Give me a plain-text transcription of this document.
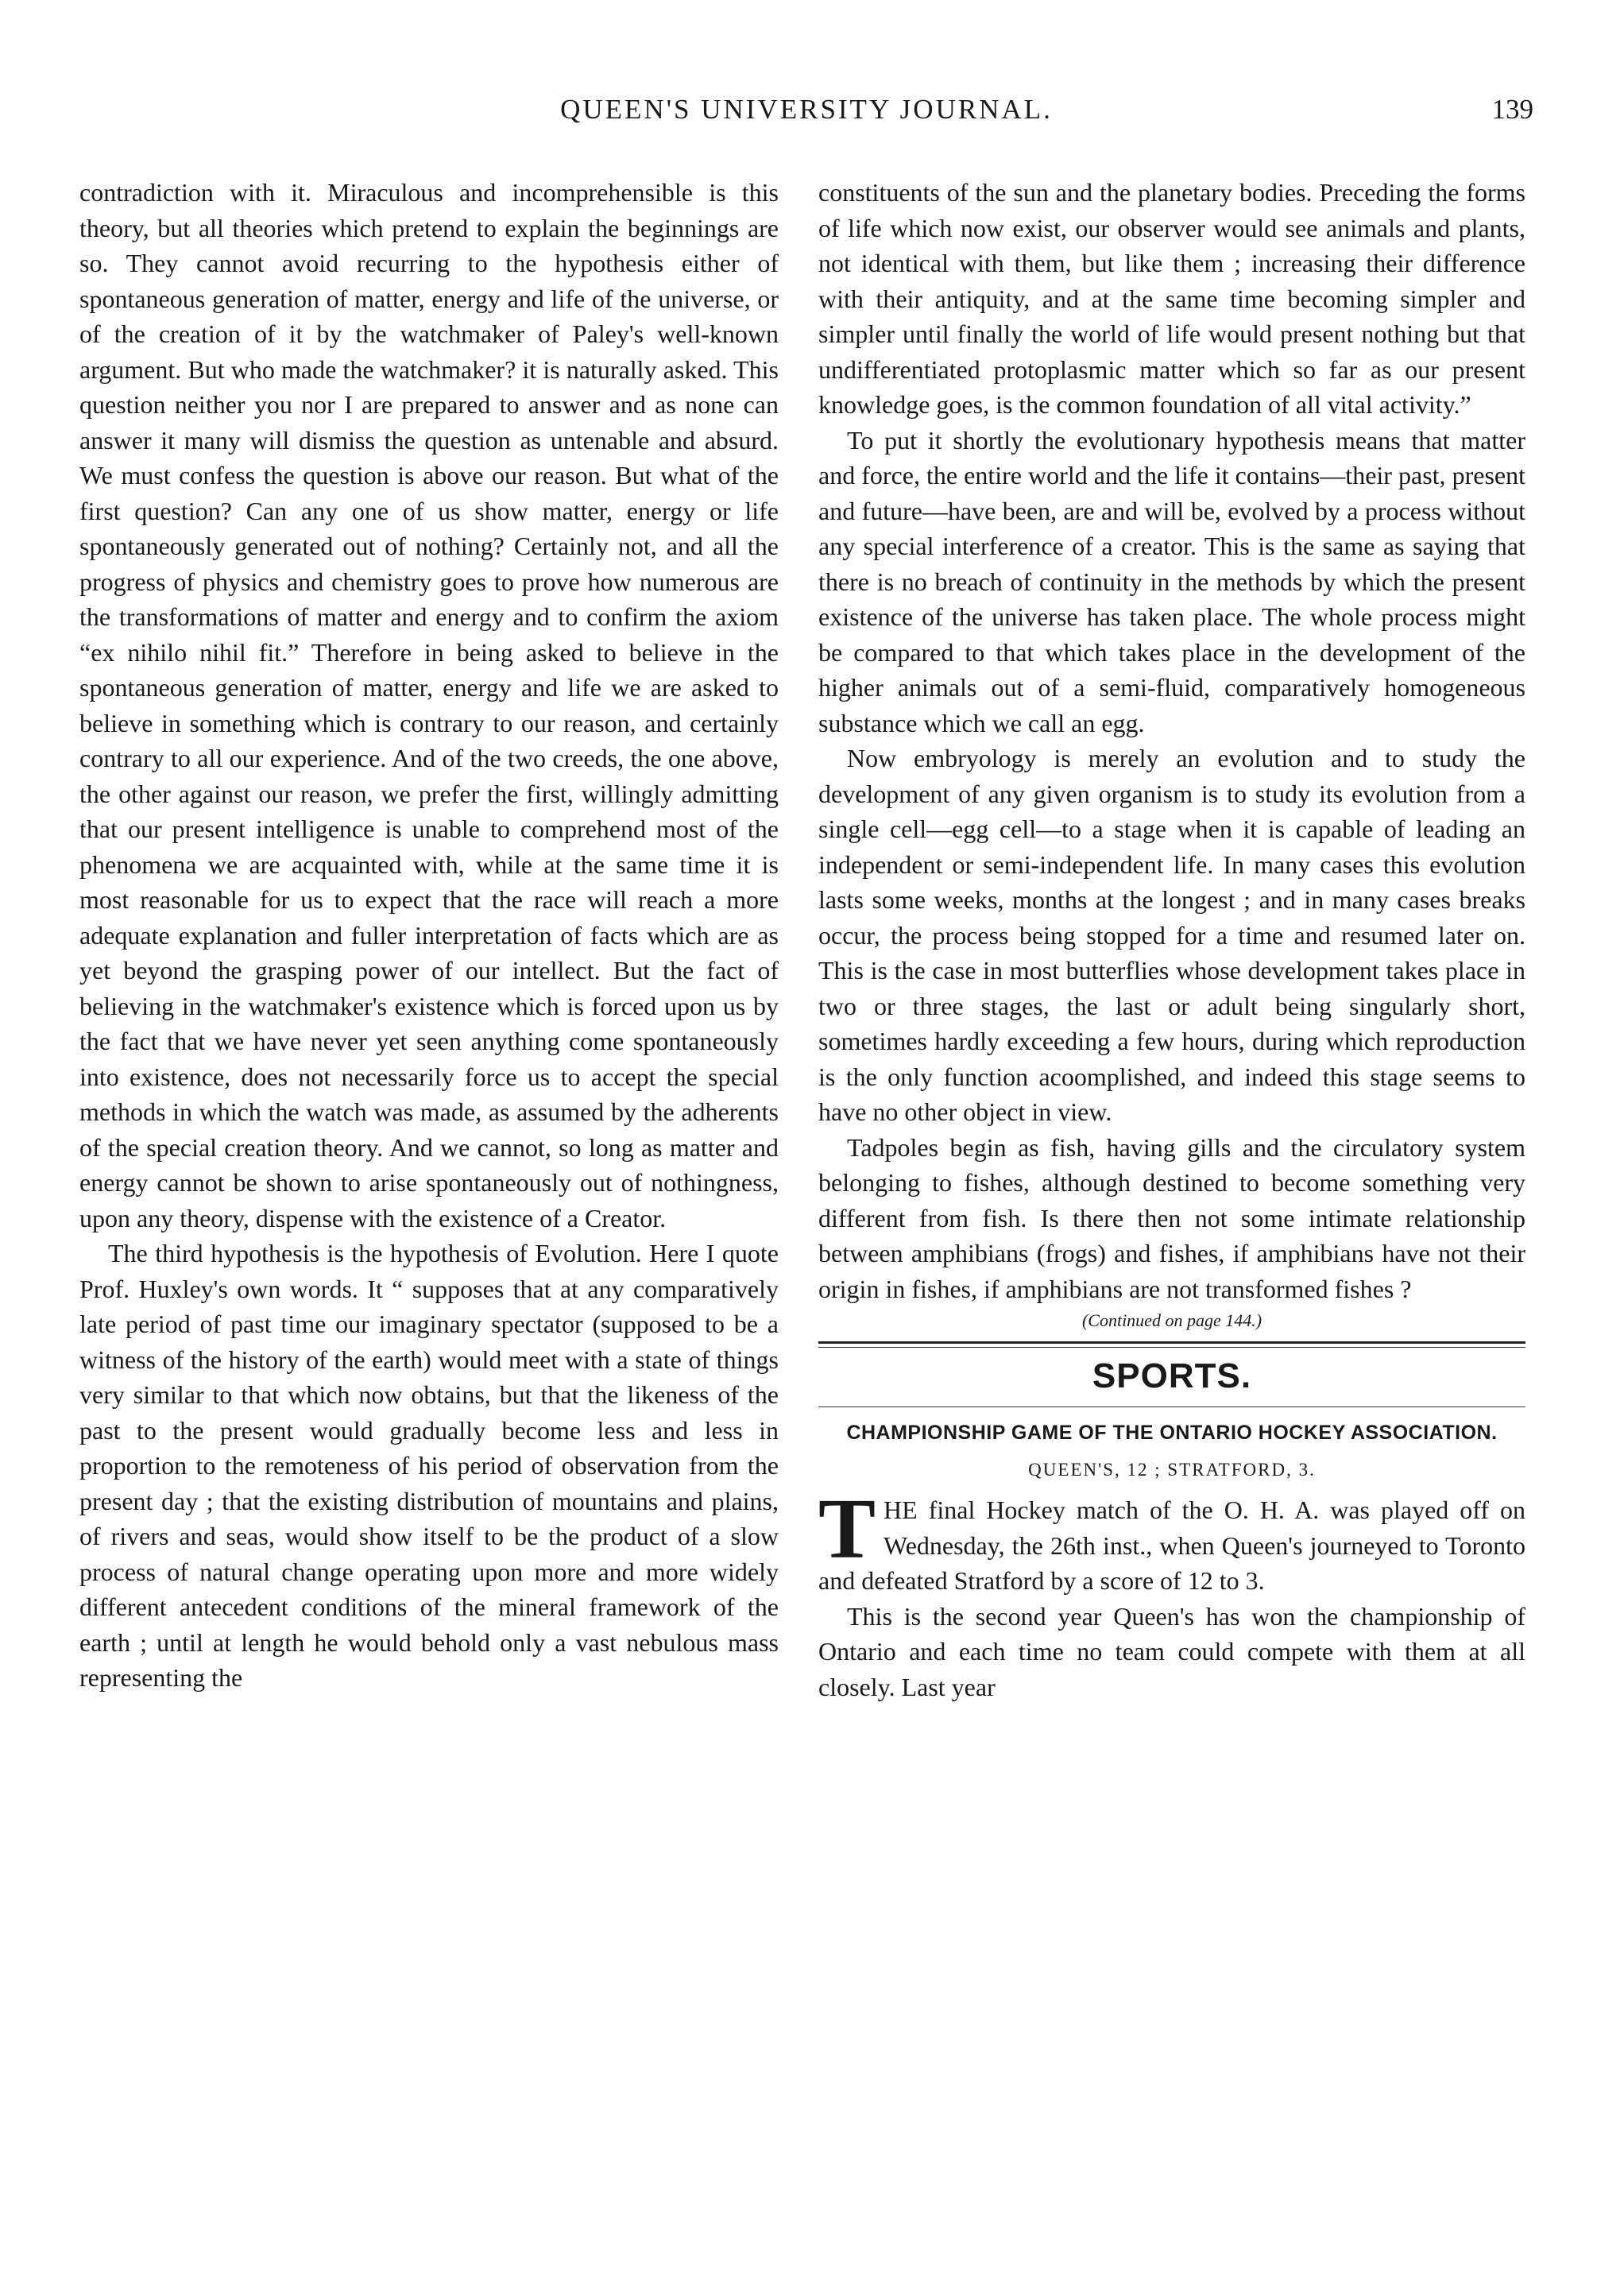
QUEEN'S UNIVERSITY JOURNAL.	139

contradiction with it. Miraculous and incomprehensible is this theory, but all theories which pretend to explain the beginnings are so. They cannot avoid recurring to the hypothesis either of spontaneous generation of matter, energy and life of the universe, or of the creation of it by the watchmaker of Paley's well-known argument. But who made the watchmaker? it is naturally asked. This question neither you nor I are prepared to answer and as none can answer it many will dismiss the question as untenable and absurd. We must confess the question is above our reason. But what of the first question? Can any one of us show matter, energy or life spontaneously generated out of nothing? Certainly not, and all the progress of physics and chemistry goes to prove how numerous are the transformations of matter and energy and to confirm the axiom “ex nihilo nihil fit.” Therefore in being asked to believe in the spontaneous generation of matter, energy and life we are asked to believe in something which is contrary to our reason, and certainly contrary to all our experience. And of the two creeds, the one above, the other against our reason, we prefer the first, willingly admitting that our present intelligence is unable to comprehend most of the phenomena we are acquainted with, while at the same time it is most reasonable for us to expect that the race will reach a more adequate explanation and fuller interpretation of facts which are as yet beyond the grasping power of our intellect. But the fact of believing in the watchmaker's existence which is forced upon us by the fact that we have never yet seen anything come spontaneously into existence, does not necessarily force us to accept the special methods in which the watch was made, as assumed by the adherents of the special creation theory. And we cannot, so long as matter and energy cannot be shown to arise spontaneously out of nothingness, upon any theory, dispense with the existence of a Creator.

The third hypothesis is the hypothesis of Evolution. Here I quote Prof. Huxley's own words. It “ supposes that at any comparatively late period of past time our imaginary spectator (supposed to be a witness of the history of the earth) would meet with a state of things very similar to that which now obtains, but that the likeness of the past to the present would gradually become less and less in proportion to the remoteness of his period of observation from the present day ; that the existing distribution of mountains and plains, of rivers and seas, would show itself to be the product of a slow process of natural change operating upon more and more widely different antecedent conditions of the mineral framework of the earth ; until at length he would behold only a vast nebulous mass representing the

constituents of the sun and the planetary bodies. Preceding the forms of life which now exist, our observer would see animals and plants, not identical with them, but like them ; increasing their difference with their antiquity, and at the same time becoming simpler and simpler until finally the world of life would present nothing but that undifferentiated protoplasmic matter which so far as our present knowledge goes, is the common foundation of all vital activity.”

To put it shortly the evolutionary hypothesis means that matter and force, the entire world and the life it contains—their past, present and future—have been, are and will be, evolved by a process without any special interference of a creator. This is the same as saying that there is no breach of continuity in the methods by which the present existence of the universe has taken place. The whole process might be compared to that which takes place in the development of the higher animals out of a semi-fluid, comparatively homogeneous substance which we call an egg.

Now embryology is merely an evolution and to study the development of any given organism is to study its evolution from a single cell—egg cell—to a stage when it is capable of leading an independent or semi-independent life. In many cases this evolution lasts some weeks, months at the longest ; and in many cases breaks occur, the process being stopped for a time and resumed later on. This is the case in most butterflies whose development takes place in two or three stages, the last or adult being singularly short, sometimes hardly exceeding a few hours, during which reproduction is the only function acoomplished, and indeed this stage seems to have no other object in view.

Tadpoles begin as fish, having gills and the circulatory system belonging to fishes, although destined to become something very different from fish. Is there then not some intimate relationship between amphibians (frogs) and fishes, if amphibians have not their origin in fishes, if amphibians are not transformed fishes ?

(Continued on page 144.)
SPORTS.
CHAMPIONSHIP GAME OF THE ONTARIO HOCKEY ASSOCIATION.
QUEEN'S, 12 ; STRATFORD, 3.

THE final Hockey match of the O. H. A. was played off on Wednesday, the 26th inst., when Queen's journeyed to Toronto and defeated Stratford by a score of 12 to 3.

This is the second year Queen's has won the championship of Ontario and each time no team could compete with them at all closely. Last year
